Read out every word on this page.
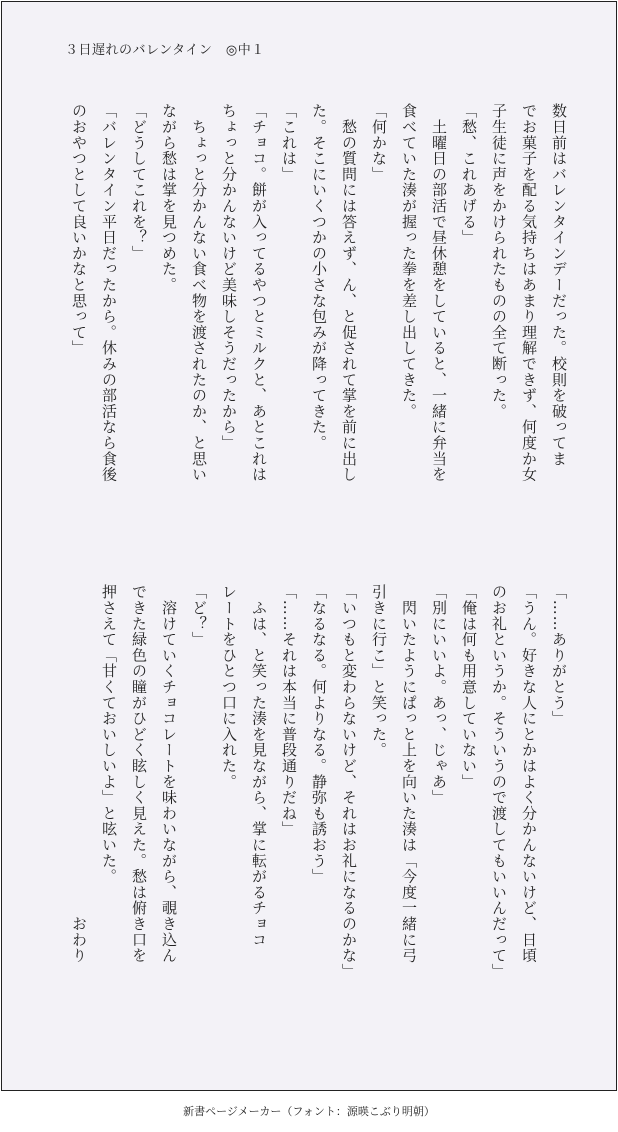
３日遅れのバレンタイン　◎中１
数日前はバレンタインデーだった。校則を破ってま
でお菓子を配る気持ちはあまり理解できず、何度か女
子生徒に声をかけられたものの全て断った。
「愁、これあげる」
　土曜日の部活で昼休憩をしていると、一緒に弁当を
食べていた湊が握った拳を差し出してきた。
「何かな」
　愁の質問には答えず、ん、と促されて掌を前に出し
た。そこにいくつかの小さな包みが降ってきた。
「これは」
「チョコ。餅が入ってるやつとミルクと、あとこれは
ちょっと分かんないけど美味しそうだったから」
　ちょっと分かんない食べ物を渡されたのか、と思い
ながら愁は掌を見つめた。
「どうしてこれを？」
「バレンタイン平日だったから。休みの部活なら食後
のおやつとして良いかなと思って」
「……ありがとう」
「うん。好きな人にとかはよく分かんないけど、日頃
のお礼というか。そういうので渡してもいいんだって」
「俺は何も用意していない」
「別にいいよ。あっ、じゃあ」
　閃いたようにぱっと上を向いた湊は「今度一緒に弓
引きに行こ」と笑った。
「いつもと変わらないけど、それはお礼になるのかな」
「なるなる。何よりなる。静弥も誘おう」
「……それは本当に普段通りだね」
　ふは、と笑った湊を見ながら、掌に転がるチョコ
レートをひとつ口に入れた。
「ど？」
　溶けていくチョコレートを味わいながら、覗き込ん
できた緑色の瞳がひどく眩しく見えた。愁は俯き口を
押さえて「甘くておいしいよ」と呟いた。
　　　　　　　　　　　　　　　　　　　　　おわり
新書ページメーカー（フォント：源暎こぶり明朝）
